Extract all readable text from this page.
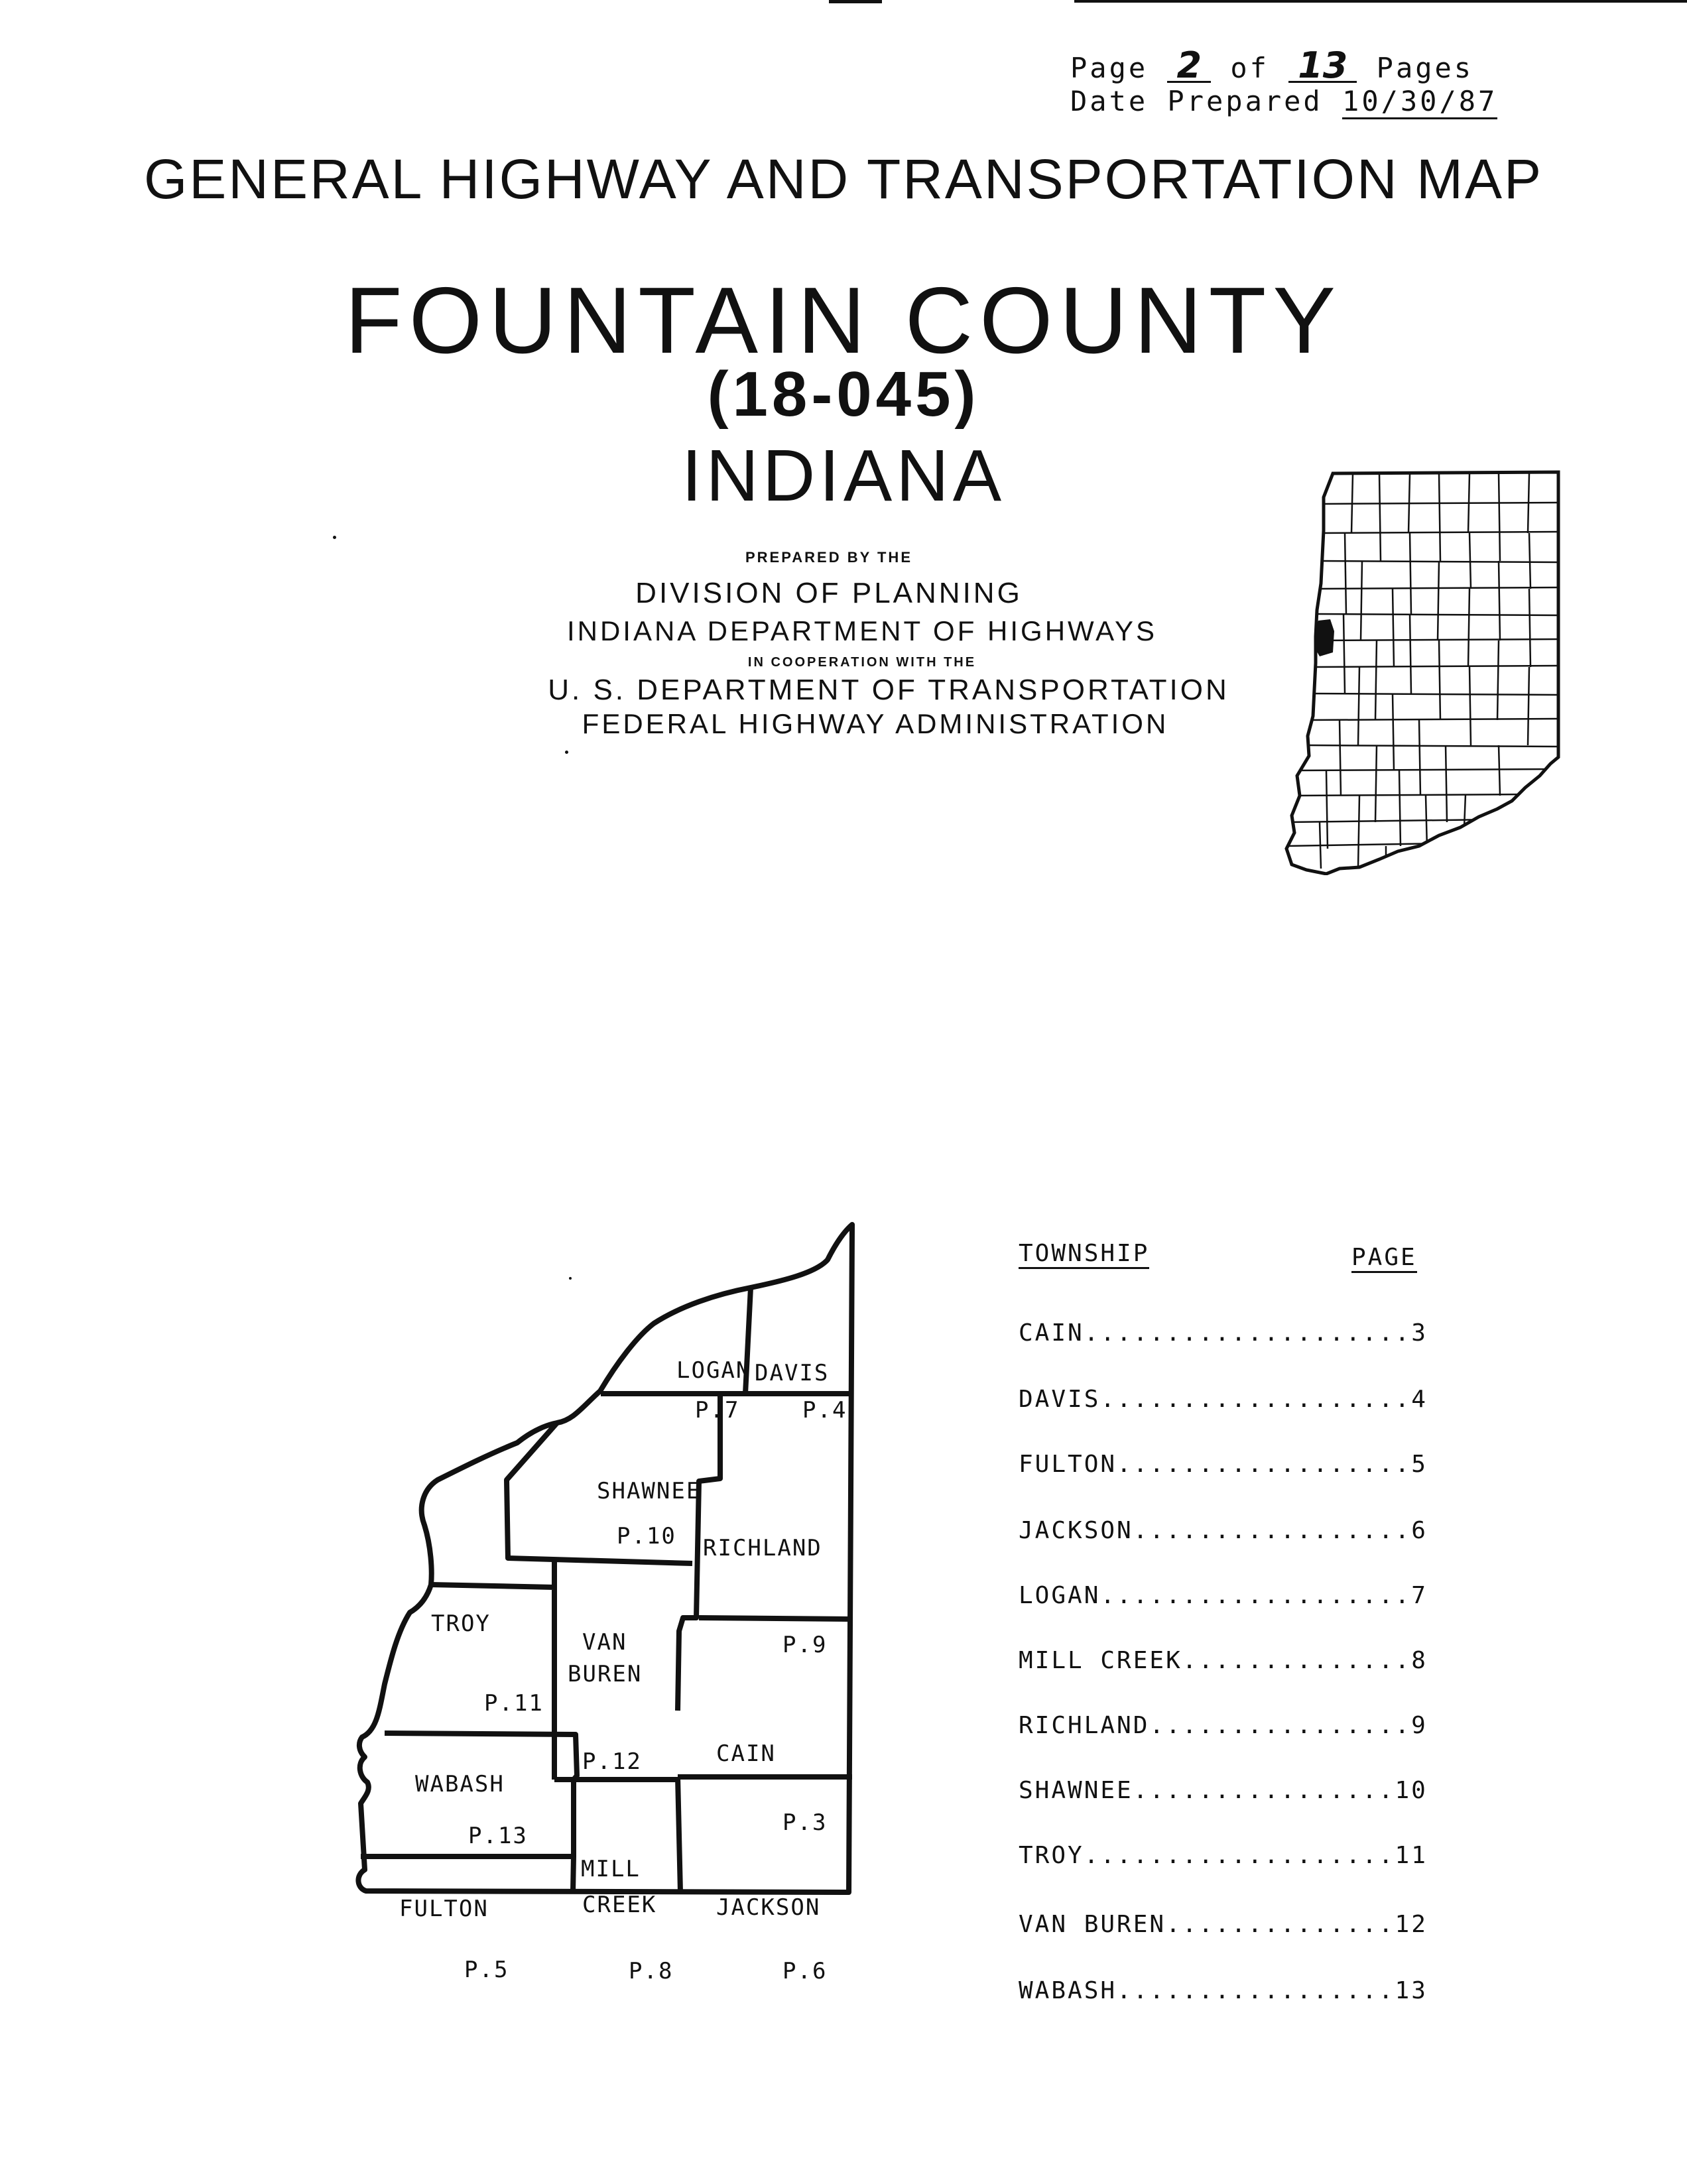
Page 2 of 13 Pages
Date Prepared 10/30/87
GENERAL HIGHWAY AND TRANSPORTATION MAP
FOUNTAIN COUNTY
(18-045)
INDIANA
PREPARED BY THE
DIVISION OF PLANNING
INDIANA DEPARTMENT OF HIGHWAYS
IN COOPERATION WITH THE
U. S. DEPARTMENT OF TRANSPORTATION
FEDERAL HIGHWAY ADMINISTRATION
LOGAN
P.7
DAVIS
P.4
SHAWNEE
P.10 RICHLAND
P.9
TROY
P.11
VAN
BUREN
P.12	CAIN
P.3
WABASH
P.13
FULTON
P.5
MILL
CREEK
P.8
JACKSON
P.6
TOWNSHIP	PAGE
CAIN....................3
DAVIS...................4
FULTON..................5
JACKSON.................6
LOGAN...................7
MILL CREEK..............8
RICHLAND................9
SHAWNEE................10
TROY...................11
VAN BUREN..............12
WABASH.................13
